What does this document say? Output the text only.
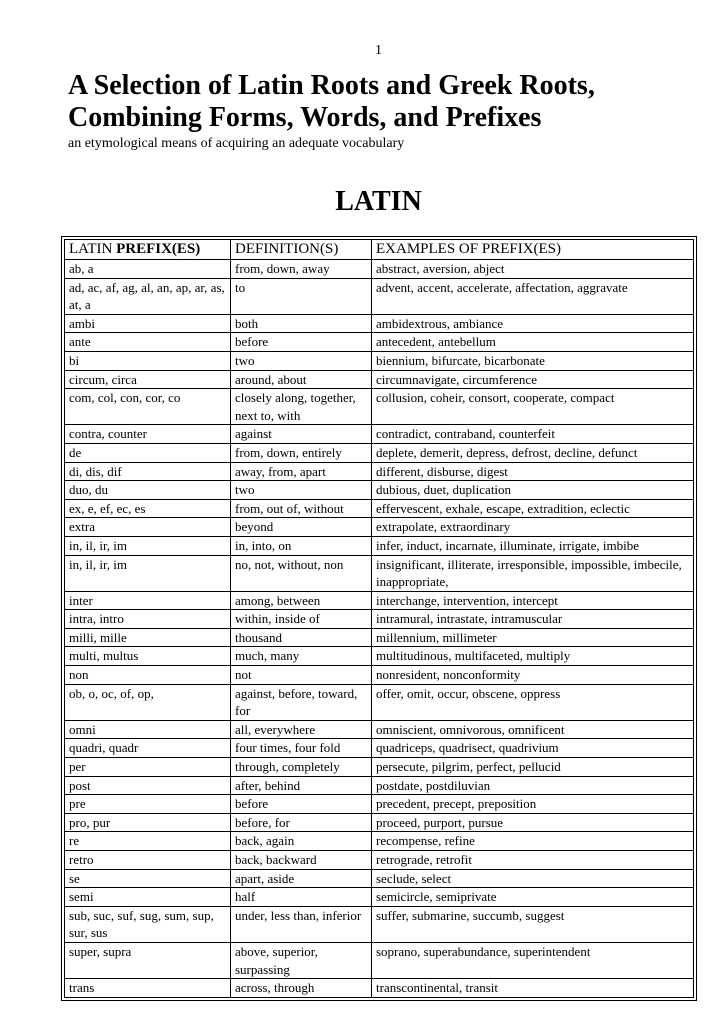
1
A Selection of Latin Roots and Greek Roots,
Combining Forms, Words, and Prefixes
an etymological means of acquiring an adequate vocabulary
LATIN
LATIN PREFIX(ES)	DEFINITION(S)	EXAMPLES OF PREFIX(ES)
ab, a	from, down, away	abstract, aversion, abject
ad, ac, af, ag, al, an, ap, ar, as, at, a	to	advent, accent, accelerate, affectation, aggravate
ambi	both	ambidextrous, ambiance
ante	before	antecedent, antebellum
bi	two	biennium, bifurcate, bicarbonate
circum, circa	around, about	circumnavigate, circumference
com, col, con, cor, co	closely along, together, next to, with	collusion, coheir, consort, cooperate, compact
contra, counter	against	contradict, contraband, counterfeit
de	from, down, entirely	deplete, demerit, depress, defrost, decline, defunct
di, dis, dif	away, from, apart	different, disburse, digest
duo, du	two	dubious, duet, duplication
ex, e, ef, ec, es	from, out of, without	effervescent, exhale, escape, extradition, eclectic
extra	beyond	extrapolate, extraordinary
in, il, ir, im	in, into, on	infer, induct, incarnate, illuminate, irrigate, imbibe
in, il, ir, im	no, not, without, non	insignificant, illiterate, irresponsible, impossible, imbecile, inappropriate,
inter	among, between	interchange, intervention, intercept
intra, intro	within, inside of	intramural, intrastate, intramuscular
milli, mille	thousand	millennium, millimeter
multi, multus	much, many	multitudinous, multifaceted, multiply
non	not	nonresident, nonconformity
ob, o, oc, of, op,	against, before, toward, for	offer, omit, occur, obscene, oppress
omni	all, everywhere	omniscient, omnivorous, omnificent
quadri, quadr	four times, four fold	quadriceps, quadrisect, quadrivium
per	through, completely	persecute, pilgrim, perfect, pellucid
post	after, behind	postdate, postdiluvian
pre	before	precedent, precept, preposition
pro, pur	before, for	proceed, purport, pursue
re	back, again	recompense, refine
retro	back, backward	retrograde, retrofit
se	apart, aside	seclude, select
semi	half	semicircle, semiprivate
sub, suc, suf, sug, sum, sup, sur, sus	under, less than, inferior	suffer, submarine, succumb, suggest
super, supra	above, superior, surpassing	soprano, superabundance, superintendent
trans	across, through	transcontinental, transit
